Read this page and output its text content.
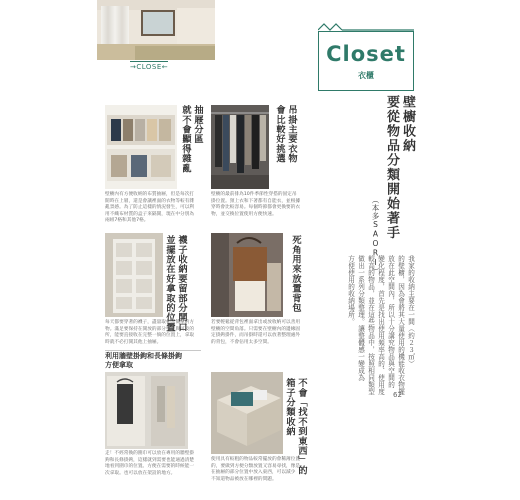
→CLOSE←
Closet
衣櫃
壁櫥收納
要從物品分類開始著手
（本多SAORI）
我家的收納主要在一間（約２３㎡）
的壁櫥，因為會將其大量使用的機能收衣物擺
放在此空間內，所以十分講究物品與空間的
變化程度，首先是找出使用頻率高的、使用度
較高的物品，並在這些物品中，按照相同類型
做出一系列分類整理。讓整體感一變成為
方便使用的收納場所。
62
抽屜分區
就不會顯得雜亂
壁櫥內有方便收納的布質抽屜，但是每次打
開時在上層，還是會讓裡面的衣物等較有雜
亂景感。為了防止這樣的情況發生，可以利
用不織布材質的盒子來隔開，現在中分別為
兩組7格和其他7格。
吊掛主要衣物
會比較好挑選
壁櫥的最前排為10件季節性穿搭的固定吊
掛位置。頸上衣和下著都有自能衣，並根據
穿時會比較容易。每個時節都會更換要的衣
物，並交換位置使用方便快速。
襪子收納要留部分開口
並擺放在好拿取的位置
每天都要穿著的襪子，盡量取相當簡單的方
物。滿足要保持在開放的部分整理與可及的
所，能要直接收在完整一倘的位置上，拿取
時就不必打開其他上抽屜。
死角用來放置背包
若要輕鬆從背包裡面拿出或放收納可以善用
壁櫥的空間角落。只需要在壁櫥內的邊緣固
定掛鉤掛件，而吊掛時還可以放著整理處外
的背包，不會佔用太多空間。
利用牆壁掛鉤和長條掛鉤
方便拿取
走！不經常換的圍巾可以放在專用的牆壁掛
鉤和長條掛鉤，這樣就到需要也能通過清楚
地看到圍巾的位置。方便在需要的時候能一
次拿取。也可以放在架設的地方。	不會「找不到東西」的
箱子分類收納
使用具有較粗的物品較常擺放的會稀薄位置
的，要做到方便分類放置又容易尋找，像是
在抽屜的部分位置中放入東西，可以減少
不知道物品被放在哪裡的問題。
